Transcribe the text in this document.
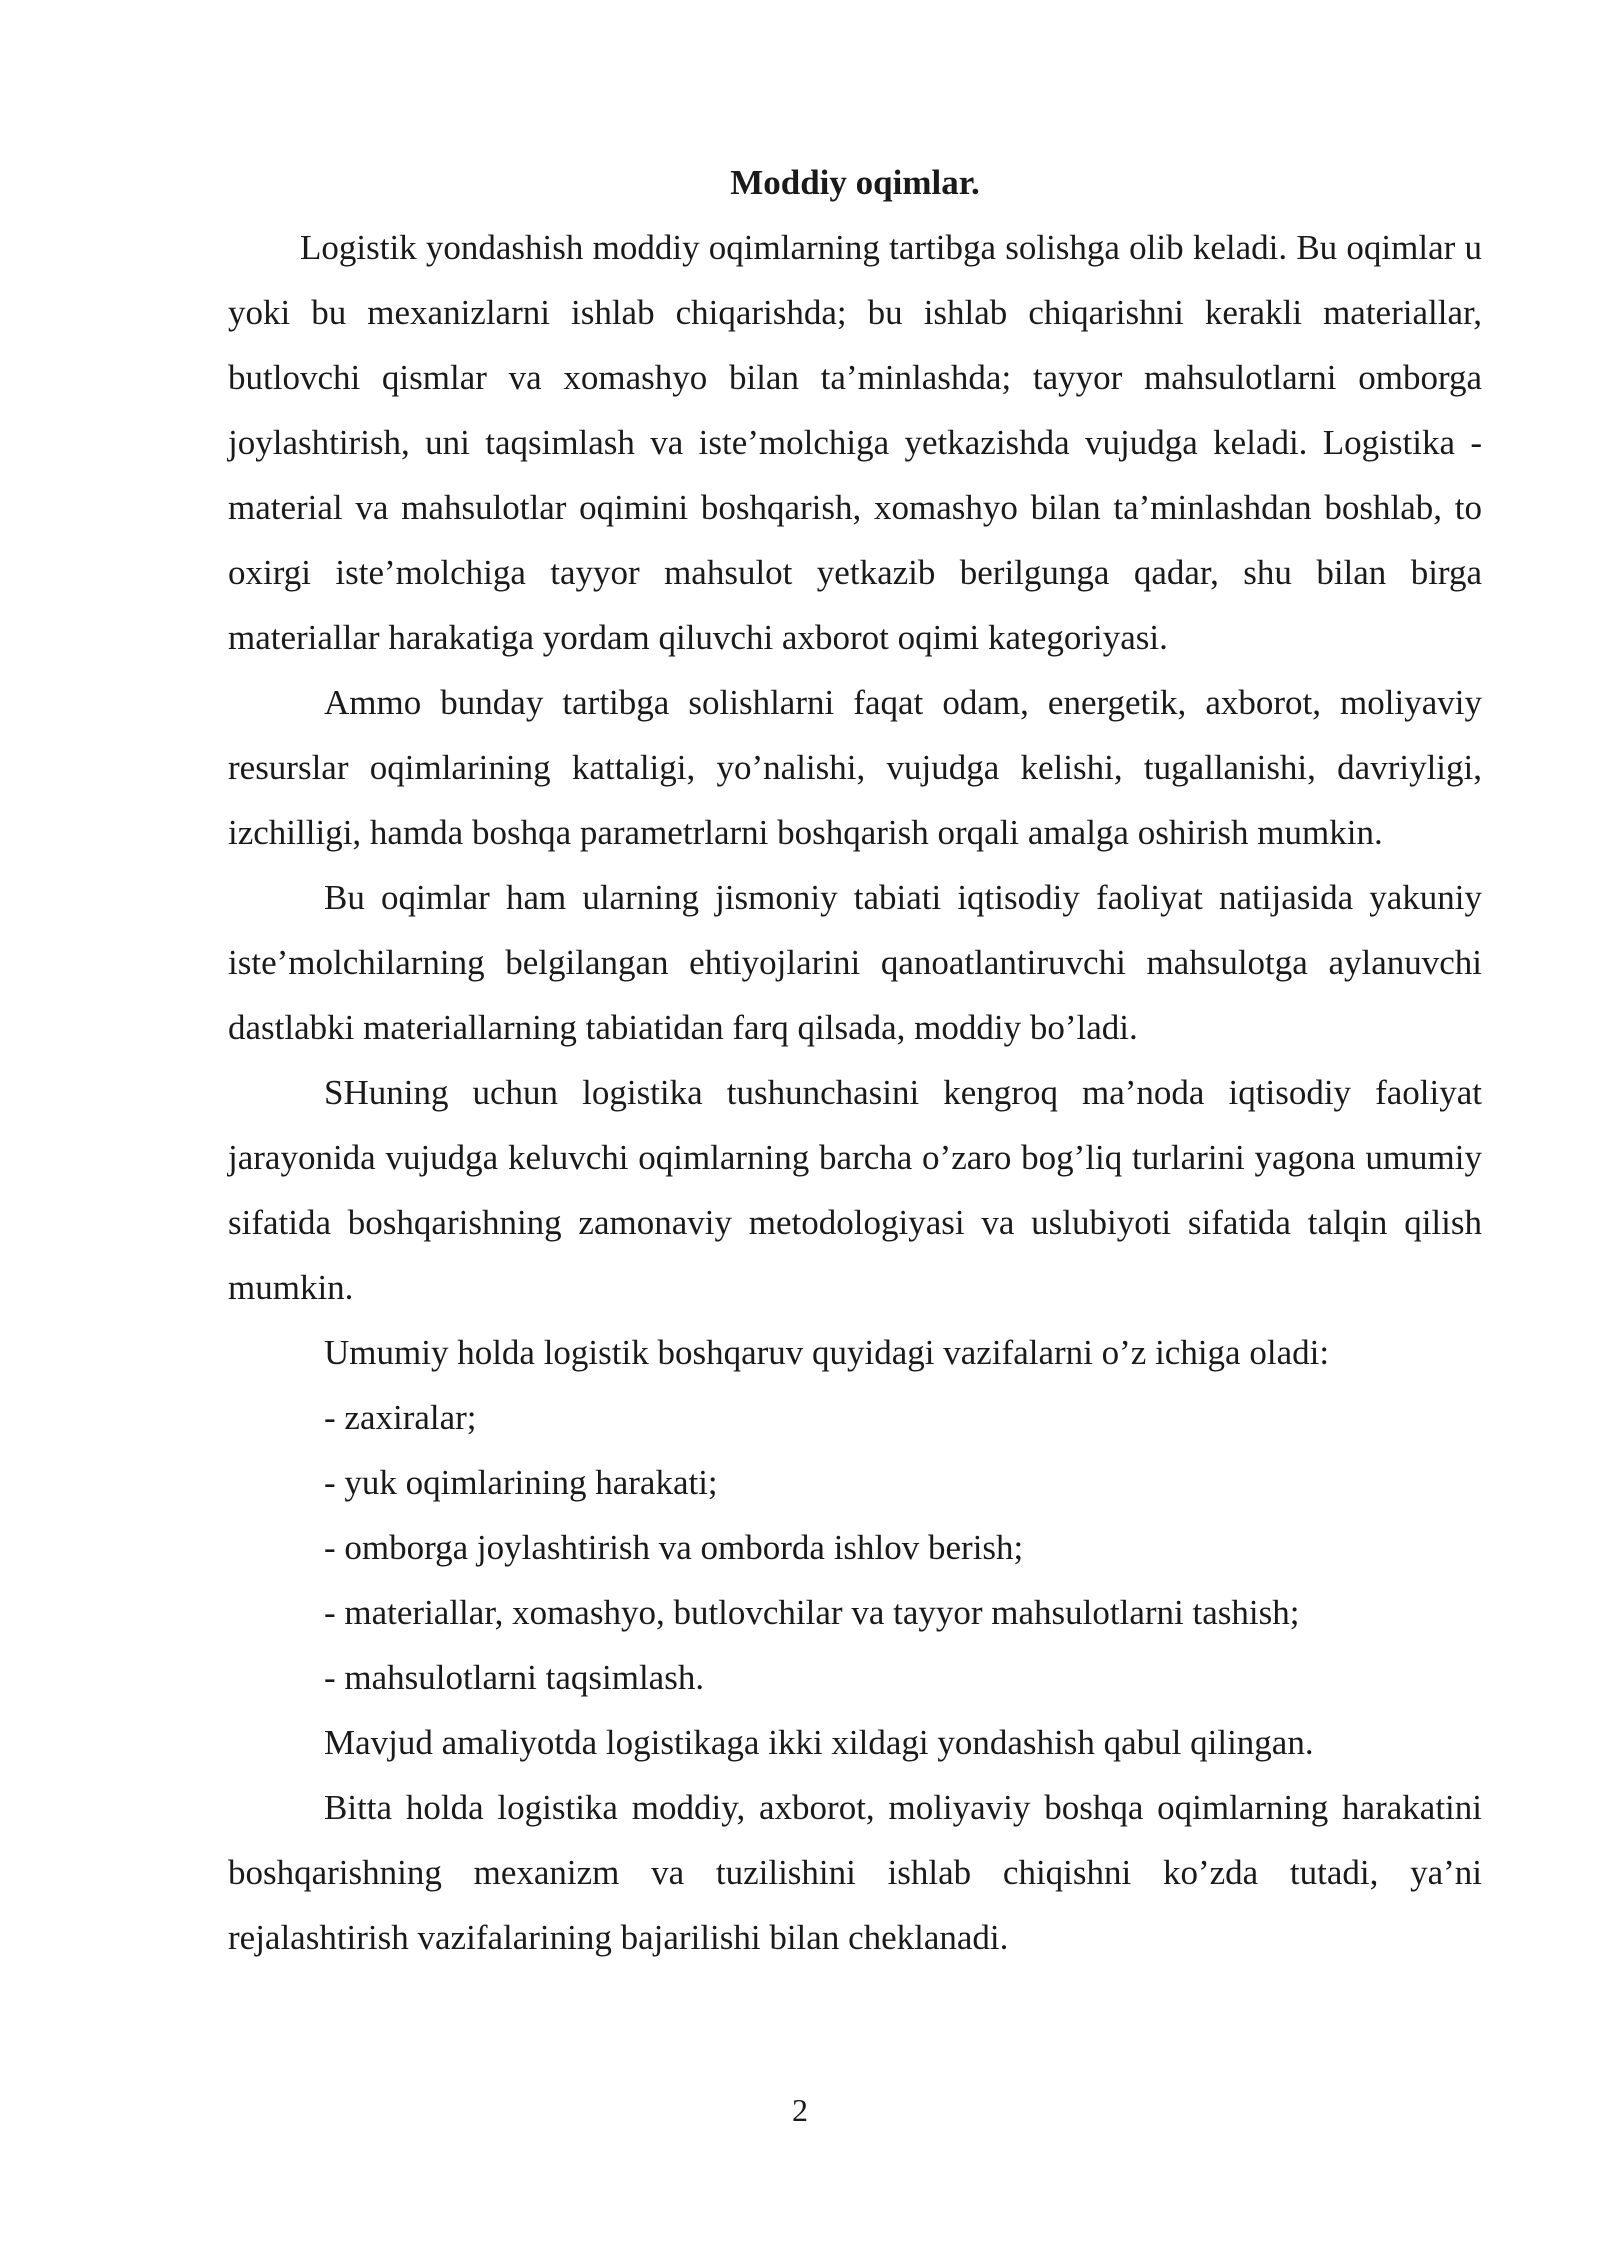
Moddiy oqimlar.

Logistik yondashish moddiy oqimlarning tartibga solishga olib keladi. Bu oqimlar u yoki bu mexanizlarni ishlab chiqarishda; bu ishlab chiqarishni kerakli materiallar, butlovchi qismlar va xomashyo bilan ta’minlashda; tayyor mahsulotlarni omborga joylashtirish, uni taqsimlash va iste’molchiga yetkazishda vujudga keladi. Logistika - material va mahsulotlar oqimini boshqarish, xomashyo bilan ta’minlashdan boshlab, to oxirgi iste’molchiga tayyor mahsulot yetkazib berilgunga qadar, shu bilan birga materiallar harakatiga yordam qiluvchi axborot oqimi kategoriyasi.

Ammo bunday tartibga solishlarni faqat odam, energetik, axborot, moliyaviy resurslar oqimlarining kattaligi, yo’nalishi, vujudga kelishi, tugallanishi, davriyligi, izchilligi, hamda boshqa parametrlarni boshqarish orqali amalga oshirish mumkin.

Bu oqimlar ham ularning jismoniy tabiati iqtisodiy faoliyat natijasida yakuniy iste’molchilarning belgilangan ehtiyojlarini qanoatlantiruvchi mahsulotga aylanuvchi dastlabki materiallarning tabiatidan farq qilsada, moddiy bo’ladi.

SHuning uchun logistika tushunchasini kengroq ma’noda iqtisodiy faoliyat jarayonida vujudga keluvchi oqimlarning barcha o’zaro bog’liq turlarini yagona umumiy sifatida boshqarishning zamonaviy metodologiyasi va uslubiyoti sifatida talqin qilish mumkin.

Umumiy holda logistik boshqaruv quyidagi vazifalarni o’z ichiga oladi:

- zaxiralar;

- yuk oqimlarining harakati;

- omborga joylashtirish va omborda ishlov berish;

- materiallar, xomashyo, butlovchilar va tayyor mahsulotlarni tashish;

- mahsulotlarni taqsimlash.

Mavjud amaliyotda logistikaga ikki xildagi yondashish qabul qilingan.

Bitta holda logistika moddiy, axborot, moliyaviy boshqa oqimlarning harakatini boshqarishning mexanizm va tuzilishini ishlab chiqishni ko’zda tutadi, ya’ni rejalashtirish vazifalarining bajarilishi bilan cheklanadi.

2
